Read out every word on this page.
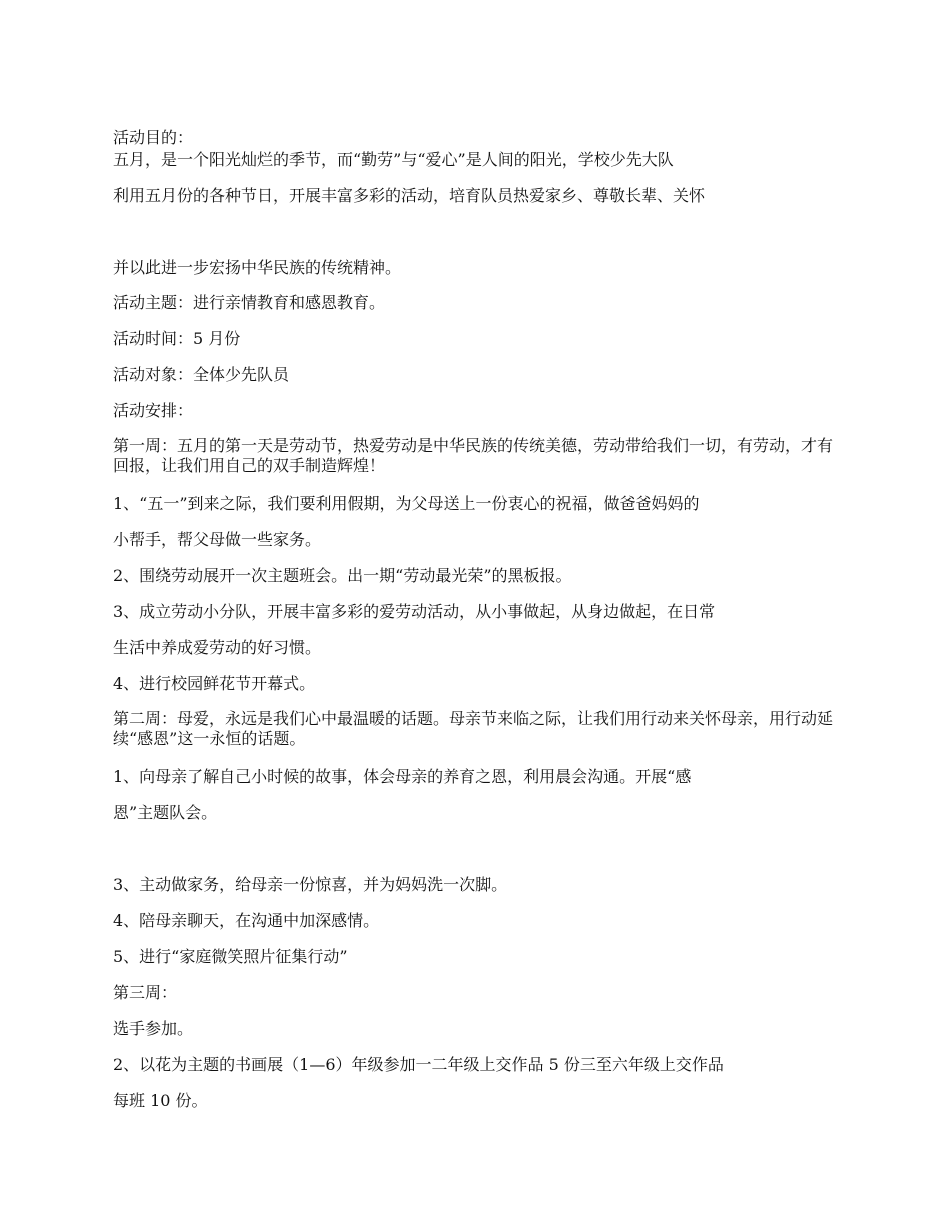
活动目的：
五月，是一个阳光灿烂的季节，而“勤劳”与“爱心”是人间的阳光，学校少先大队
利用五月份的各种节日，开展丰富多彩的活动，培育队员热爱家乡、尊敬长辈、关怀
并以此进一步宏扬中华民族的传统精神。
活动主题：进行亲情教育和感恩教育。
活动时间：5 月份
活动对象：全体少先队员
活动安排：
第一周：五月的第一天是劳动节，热爱劳动是中华民族的传统美德，劳动带给我们一切，有劳动，才有回报，让我们用自己的双手制造辉煌！
1、“五一”到来之际，我们要利用假期，为父母送上一份衷心的祝福，做爸爸妈妈的
小帮手，帮父母做一些家务。
2、围绕劳动展开一次主题班会。出一期“劳动最光荣”的黑板报。
3、成立劳动小分队，开展丰富多彩的爱劳动活动，从小事做起，从身边做起，在日常
生活中养成爱劳动的好习惯。
4、进行校园鲜花节开幕式。
第二周：母爱，永远是我们心中最温暖的话题。母亲节来临之际，让我们用行动来关怀母亲，用行动延续“感恩”这一永恒的话题。
1、向母亲了解自己小时候的故事，体会母亲的养育之恩，利用晨会沟通。开展“感
恩”主题队会。
3、主动做家务，给母亲一份惊喜，并为妈妈洗一次脚。
4、陪母亲聊天，在沟通中加深感情。
5、进行“家庭微笑照片征集行动”
第三周：
选手参加。
2、以花为主题的书画展（1—6）年级参加一二年级上交作品 5 份三至六年级上交作品
每班 10 份。
